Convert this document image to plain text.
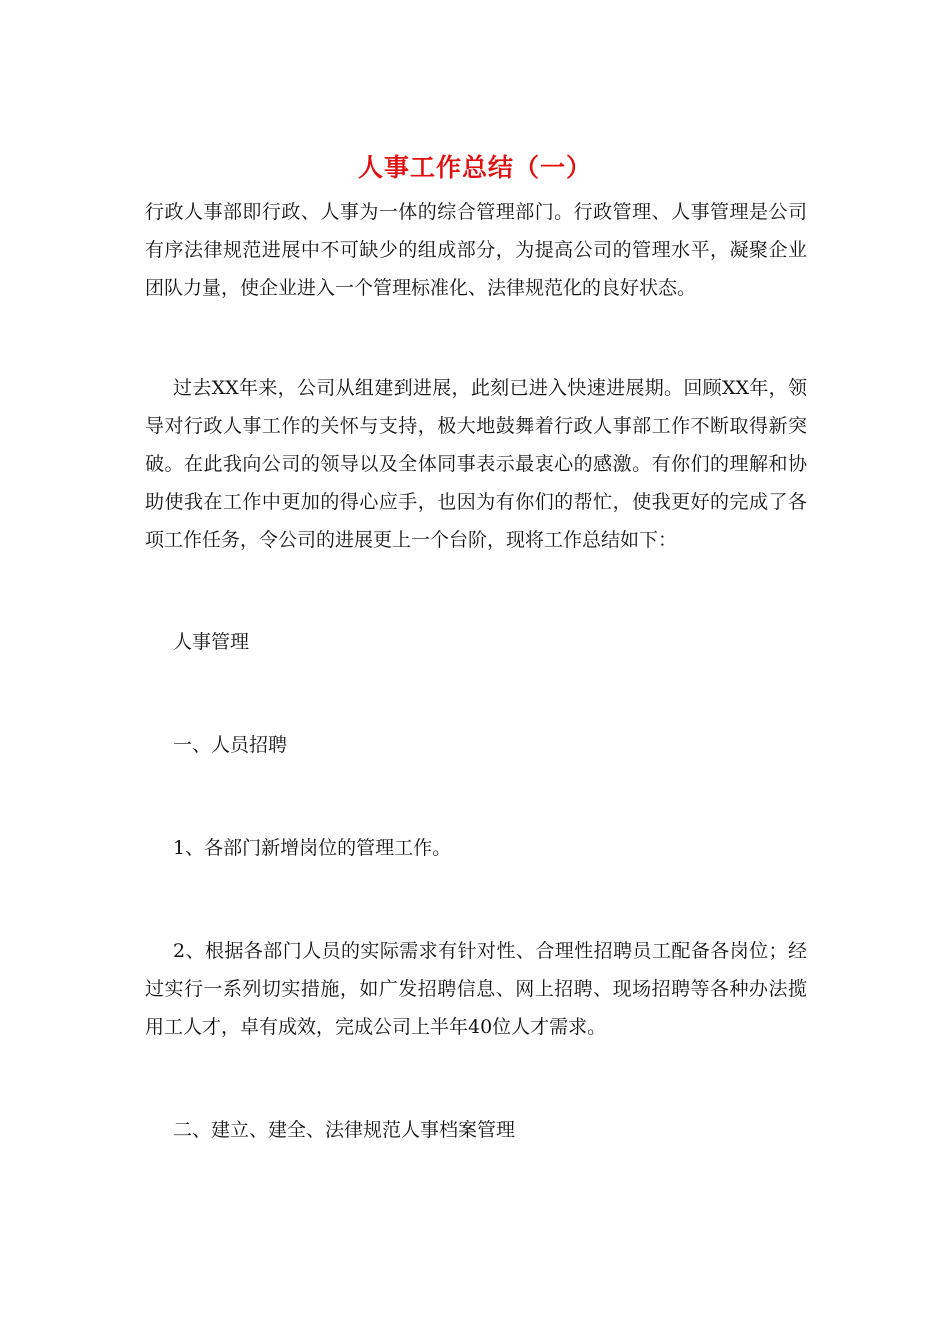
人事工作总结（一）

行政人事部即行政、人事为一体的综合管理部门。行政管理、人事管理是公司有序法律规范进展中不可缺少的组成部分，为提高公司的管理水平，凝聚企业团队力量，使企业进入一个管理标准化、法律规范化的良好状态。

过去XX年来，公司从组建到进展，此刻已进入快速进展期。回顾XX年，领导对行政人事工作的关怀与支持，极大地鼓舞着行政人事部工作不断取得新突破。在此我向公司的领导以及全体同事表示最衷心的感激。有你们的理解和协助使我在工作中更加的得心应手，也因为有你们的帮忙，使我更好的完成了各项工作任务，令公司的进展更上一个台阶，现将工作总结如下：

人事管理

一、人员招聘

1、各部门新增岗位的管理工作。

2、根据各部门人员的实际需求有针对性、合理性招聘员工配备各岗位；经过实行一系列切实措施，如广发招聘信息、网上招聘、现场招聘等各种办法揽用工人才，卓有成效，完成公司上半年40位人才需求。

二、建立、建全、法律规范人事档案管理
